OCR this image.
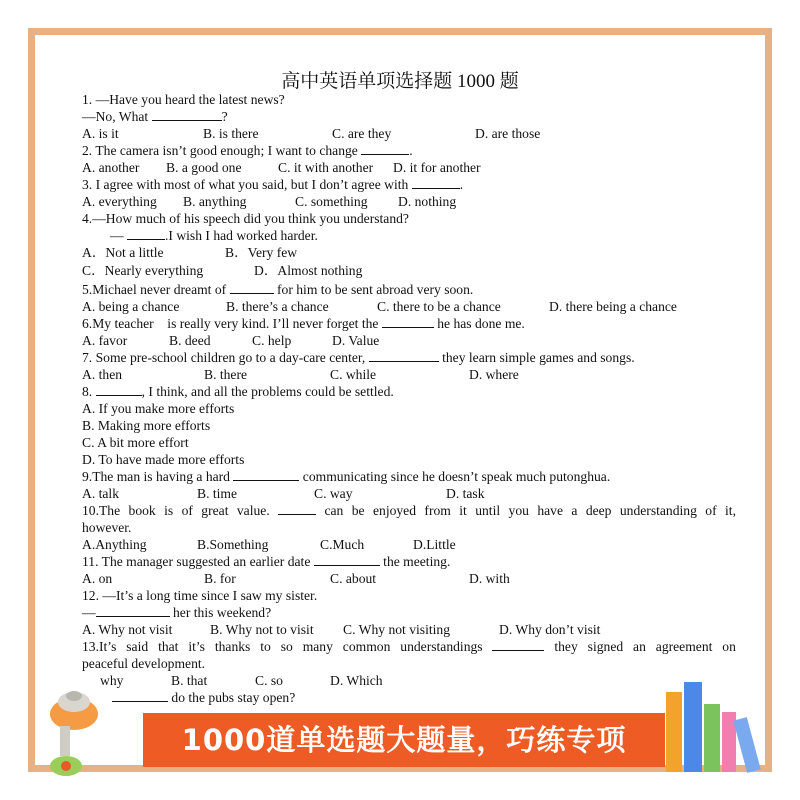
高中英语单项选择题 1000 题
1. —Have you heard the latest news?
—No, What	?
A. is it	B. is there	C. are they	D. are those
2. The camera isn’t good enough; I want to change	.
A. another B. a good one	C. it with another D. it for another
3. I agree with most of what you said, but I don’t agree with	.
A. everything B. anything	C. something D. nothing
4.—How much of his speech did you think you understand?
—	.I wish I had worked harder.
A．Not a little	B．Very few
C．Nearly everything	D．Almost nothing
5.Michael never dreamt of	for him to be sent abroad very soon.
A. being a chance	B. there’s a chance	C. there to be a chance	D. there being a chance
6.My teacher    is really very kind. I’ll never forget the	he has done me.
A. favor	B. deed	C. help	D. Value
7. Some pre-school children go to a day-care center,	they learn simple games and songs.
A. then	B. there	C. while	D. where
8.	, I think, and all the problems could be settled.
A. If you make more efforts
B. Making more efforts
C. A bit more effort
D. To have made more efforts
9.The man is having a hard	communicating since he doesn’t speak much putonghua.
A. talk	B. time	C. way	D. task
10.The book is of great value.	can be enjoyed from it until you have a deep understanding of it,
however.
A.Anything	B.Something	C.Much	D.Little
11. The manager suggested an earlier date	the meeting.
A. on	B. for	C. about	D. with
12. —It’s a long time since I saw my sister.
—	her this weekend?
A. Why not visit	B. Why not to visit C. Why not visiting	D. Why don’t visit
13.It’s said that it’s thanks to so many common understandings	they signed an agreement on
peaceful development.
why	B. that	C. so	D. Which
do the pubs stay open?
1000道单选题大题量，巧练专项
